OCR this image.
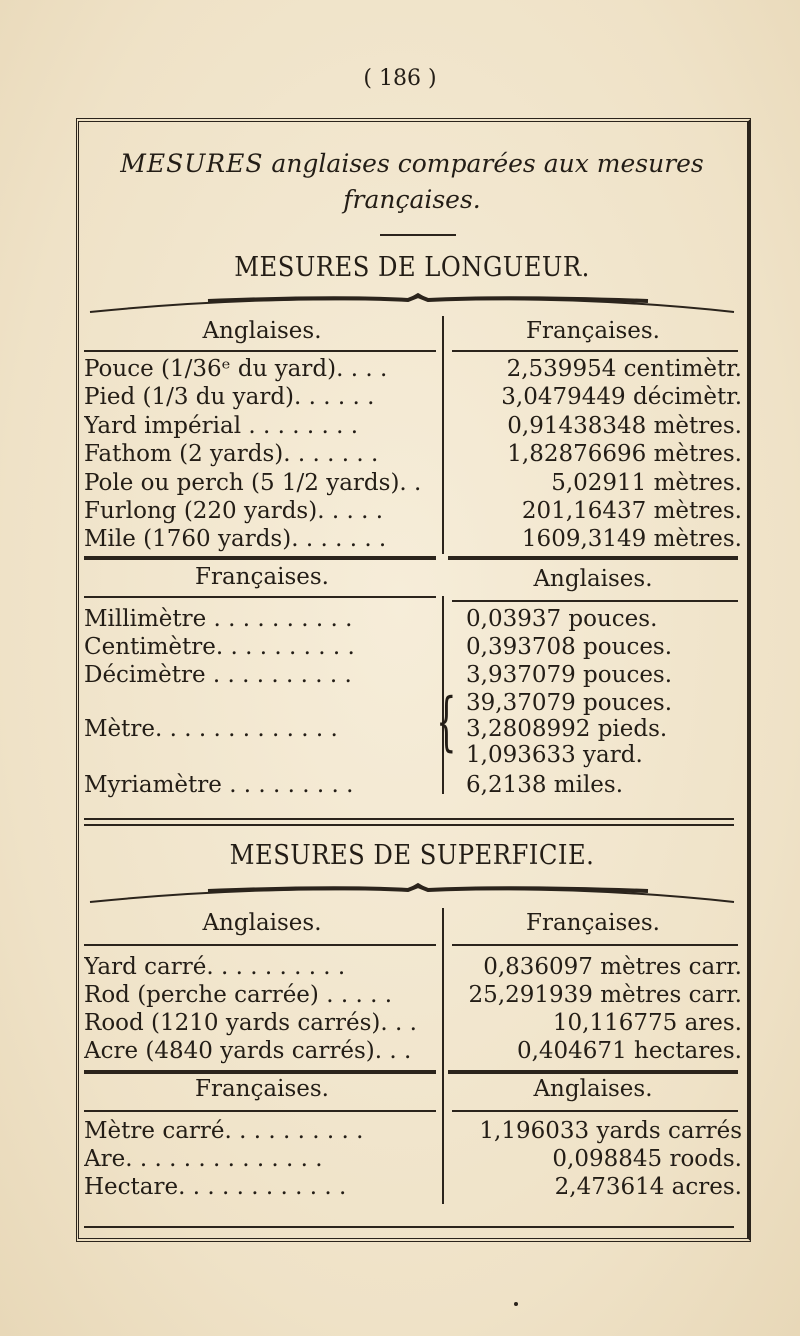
( 186 )
MESURES anglaises comparées aux mesures
françaises.
MESURES DE LONGUEUR.
Anglaises.	Françaises.
Pouce (1/36ᵉ du yard). . . .	2,539954 centimètr.
Pied (1/3 du yard). . . . . .	3,0479449 décimètr.
Yard impérial . . . . . . . .	0,91438348 mètres.
Fathom (2 yards). . . . . . .	1,82876696 mètres.
Pole ou perch (5 1/2 yards). .	5,02911 mètres.
Furlong (220 yards). . . . .	201,16437 mètres.
Mile (1760 yards). . . . . . .	1609,3149 mètres.
Françaises.	Anglaises.
Millimètre . . . . . . . . . .	0,03937 pouces.
Centimètre. . . . . . . . . .	0,393708 pouces.
Décimètre . . . . . . . . . .	3,937079 pouces.
Mètre. . . . . . . . . . . . .	{ 39,37079 pouces.
3,2808992 pieds.
1,093633 yard.
Myriamètre . . . . . . . . .	6,2138 miles.
MESURES DE SUPERFICIE.
Anglaises.	Françaises.
Yard carré. . . . . . . . . .	0,836097 mètres carr.
Rod (perche carrée) . . . . .	25,291939 mètres carr.
Rood (1210 yards carrés). . .	10,116775 ares.
Acre (4840 yards carrés). . .	0,404671 hectares.
Françaises.	Anglaises.
Mètre carré. . . . . . . . . .	1,196033 yards carrés
Are. . . . . . . . . . . . . .	0,098845 roods.
Hectare. . . . . . . . . . . .	2,473614 acres.
